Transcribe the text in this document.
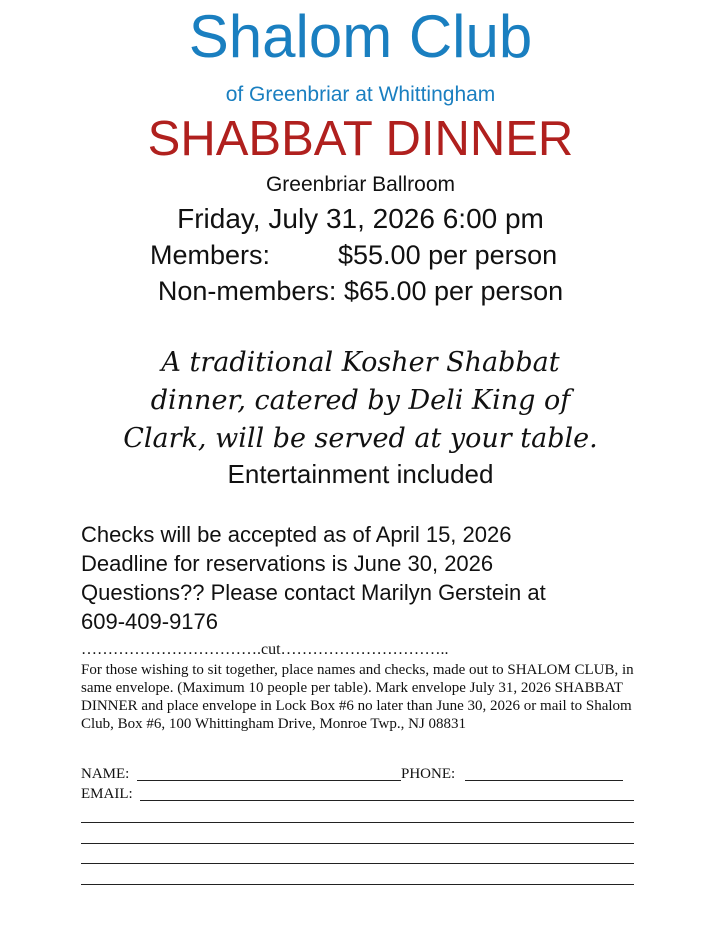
Shalom Club
of Greenbriar at Whittingham
SHABBAT DINNER
Greenbriar Ballroom
Friday, July 31, 2026 6:00 pm
Members:	$55.00 per person
Non-members: $65.00 per person
A traditional Kosher Shabbat
dinner, catered by Deli King of
Clark, will be served at your table.
Entertainment included
Checks will be accepted as of April 15, 2026
Deadline for reservations is June 30, 2026
Questions?? Please contact Marilyn Gerstein at
609-409-9176
…………………………….cut…………………………..
For those wishing to sit together, place names and checks, made out to SHALOM CLUB, in same envelope. (Maximum 10 people per table). Mark envelope July 31, 2026 SHABBAT DINNER and place envelope in Lock Box #6 no later than June 30, 2026 or mail to Shalom Club, Box #6, 100 Whittingham Drive, Monroe Twp., NJ 08831
NAME:	PHONE:
EMAIL:
